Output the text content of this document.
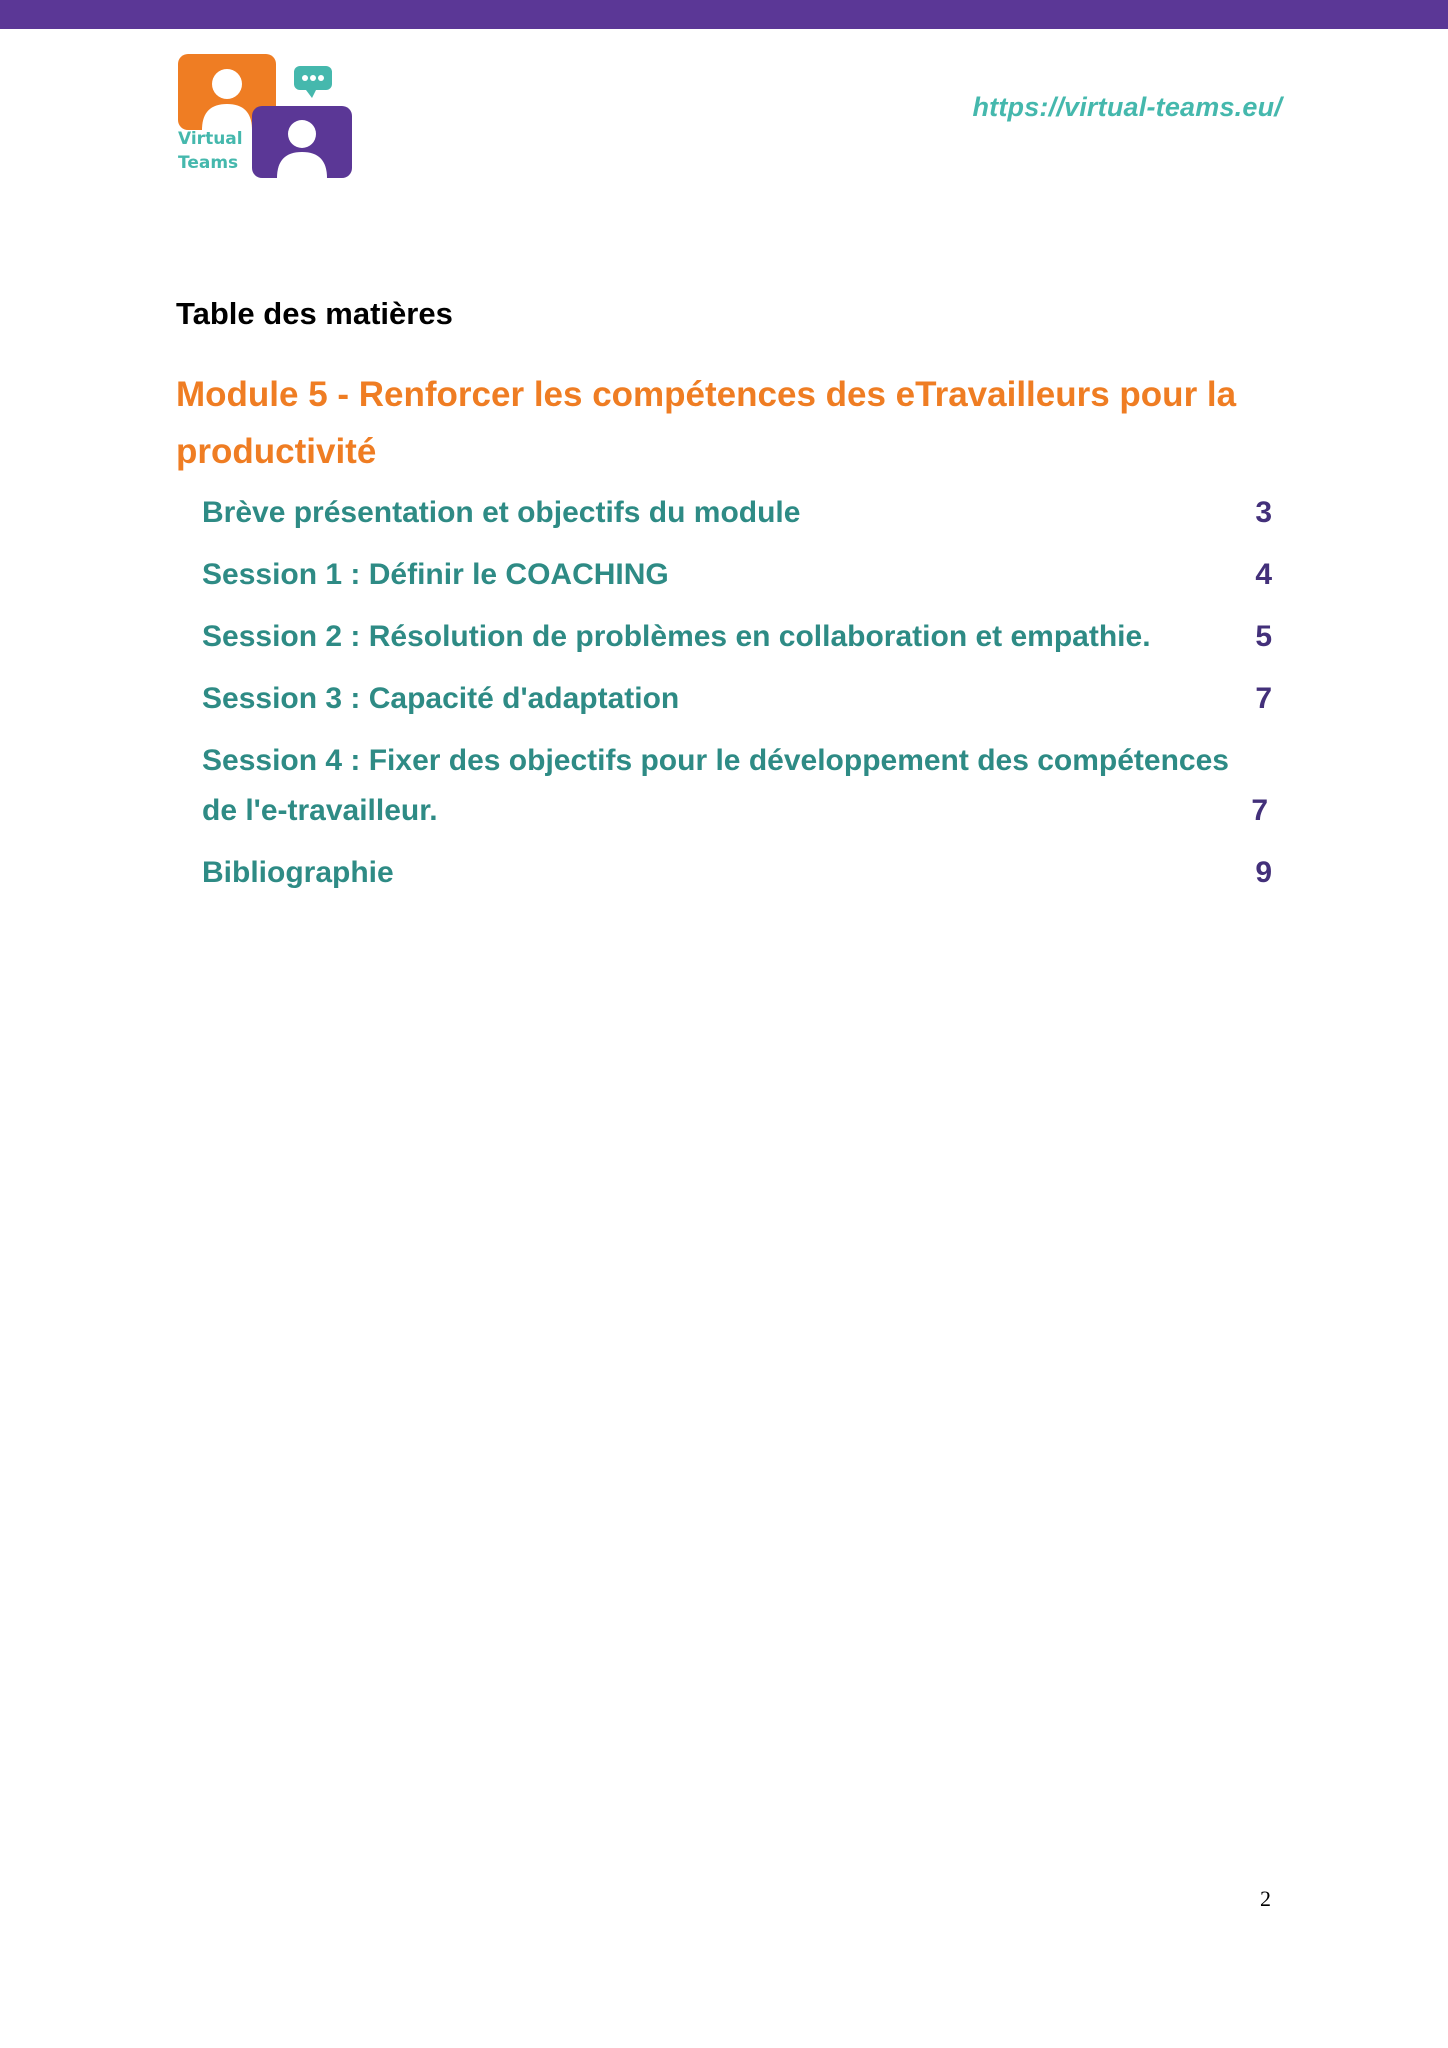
Virtual
Teams
https://virtual-teams.eu/
Table des matières
Module 5 - Renforcer les compétences des eTravailleurs pour la productivité
Brève présentation et objectifs du module	3
Session 1 : Définir le COACHING	4
Session 2 : Résolution de problèmes en collaboration et empathie.	5
Session 3 : Capacité d'adaptation	7
Session 4 : Fixer des objectifs pour le développement des compétences de l'e-travailleur.	7
Bibliographie	9
2
